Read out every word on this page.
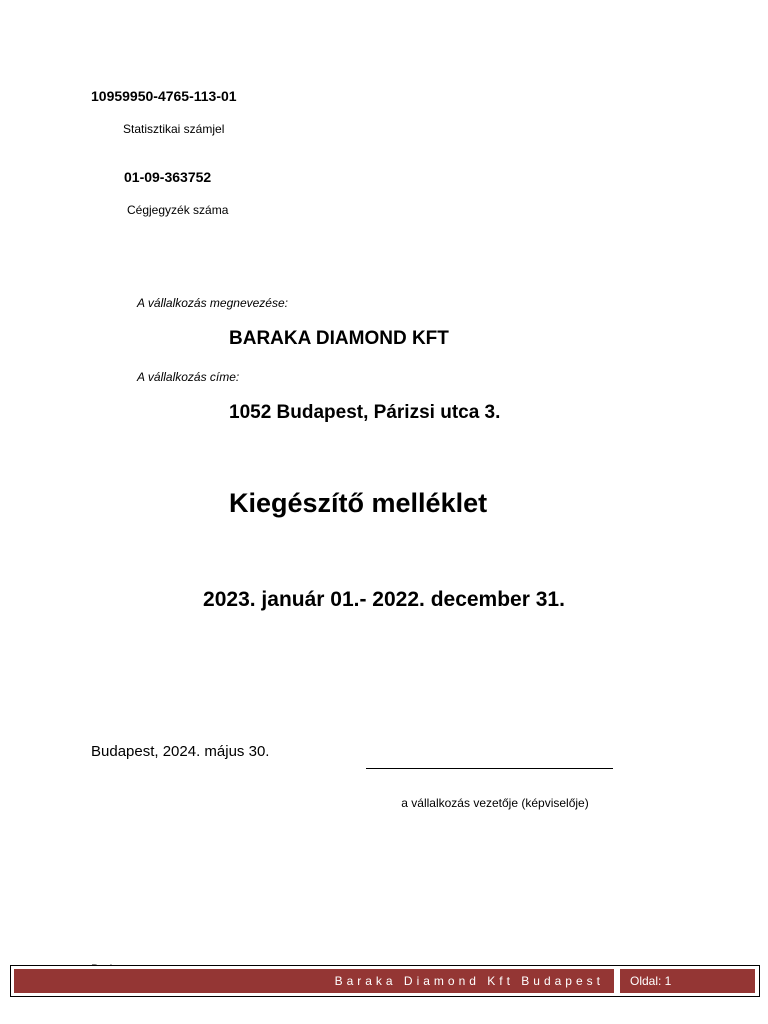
10959950-4765-113-01
Statisztikai számjel
01-09-363752
Cégjegyzék száma
A vállalkozás megnevezése:
BARAKA DIAMOND KFT
A vállalkozás címe:
1052 Budapest, Párizsi utca 3.
Kiegészítő melléklet
2023. január 01.- 2022. december 31.
Budapest, 2024. május 30.
a vállalkozás vezetője (képviselője)
Baraka Diamond Kft Budapest	Oldal: 1
